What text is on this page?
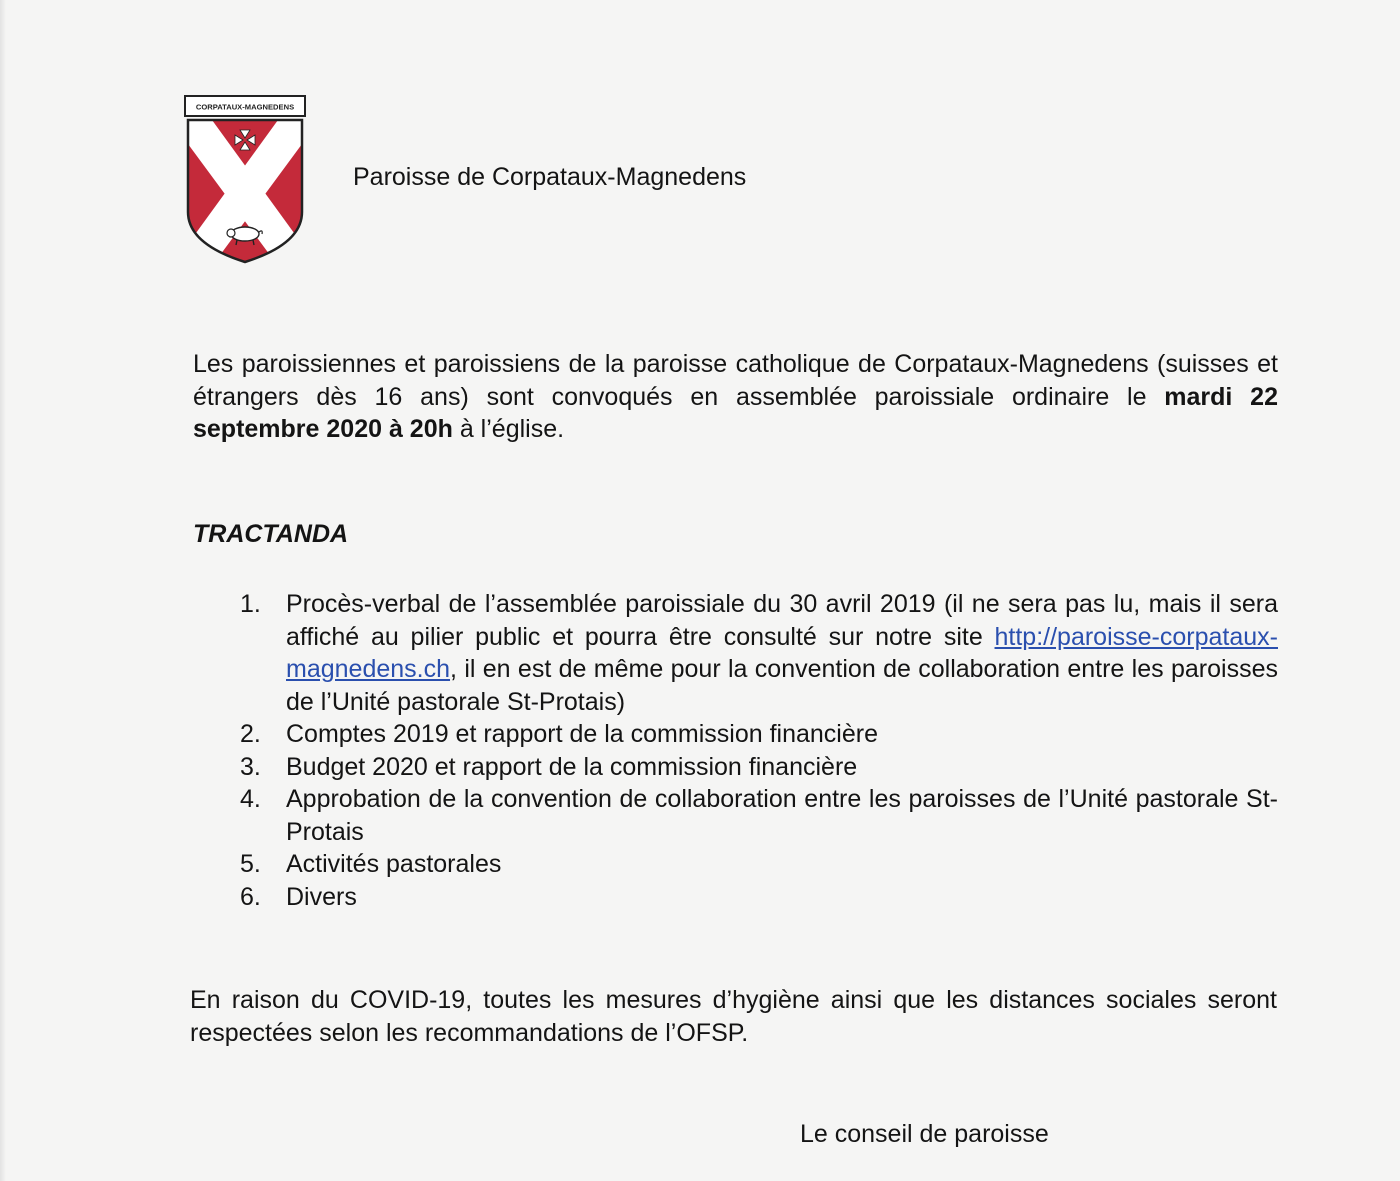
CORPATAUX-MAGNEDENS
Paroisse de Corpataux-Magnedens

Les paroissiennes et paroissiens de la paroisse catholique de Corpataux-Magnedens (suisses et étrangers dès 16 ans) sont convoqués en assemblée paroissiale ordinaire le mardi 22 septembre 2020 à 20h à l’église.

TRACTANDA
1.	Procès-verbal de l’assemblée paroissiale du 30 avril 2019 (il ne sera pas lu, mais il sera affiché au pilier public et pourra être consulté sur notre site http://paroisse-corpataux-magnedens.ch, il en est de même pour la convention de collaboration entre les paroisses de l’Unité pastorale St-Protais)
2.	Comptes 2019 et rapport de la commission financière
3.	Budget 2020 et rapport de la commission financière
4.	Approbation de la convention de collaboration entre les paroisses de l’Unité pastorale St-Protais
5.	Activités pastorales
6.	Divers

En raison du COVID-19, toutes les mesures d’hygiène ainsi que les distances sociales seront respectées selon les recommandations de l’OFSP.

Le conseil de paroisse
